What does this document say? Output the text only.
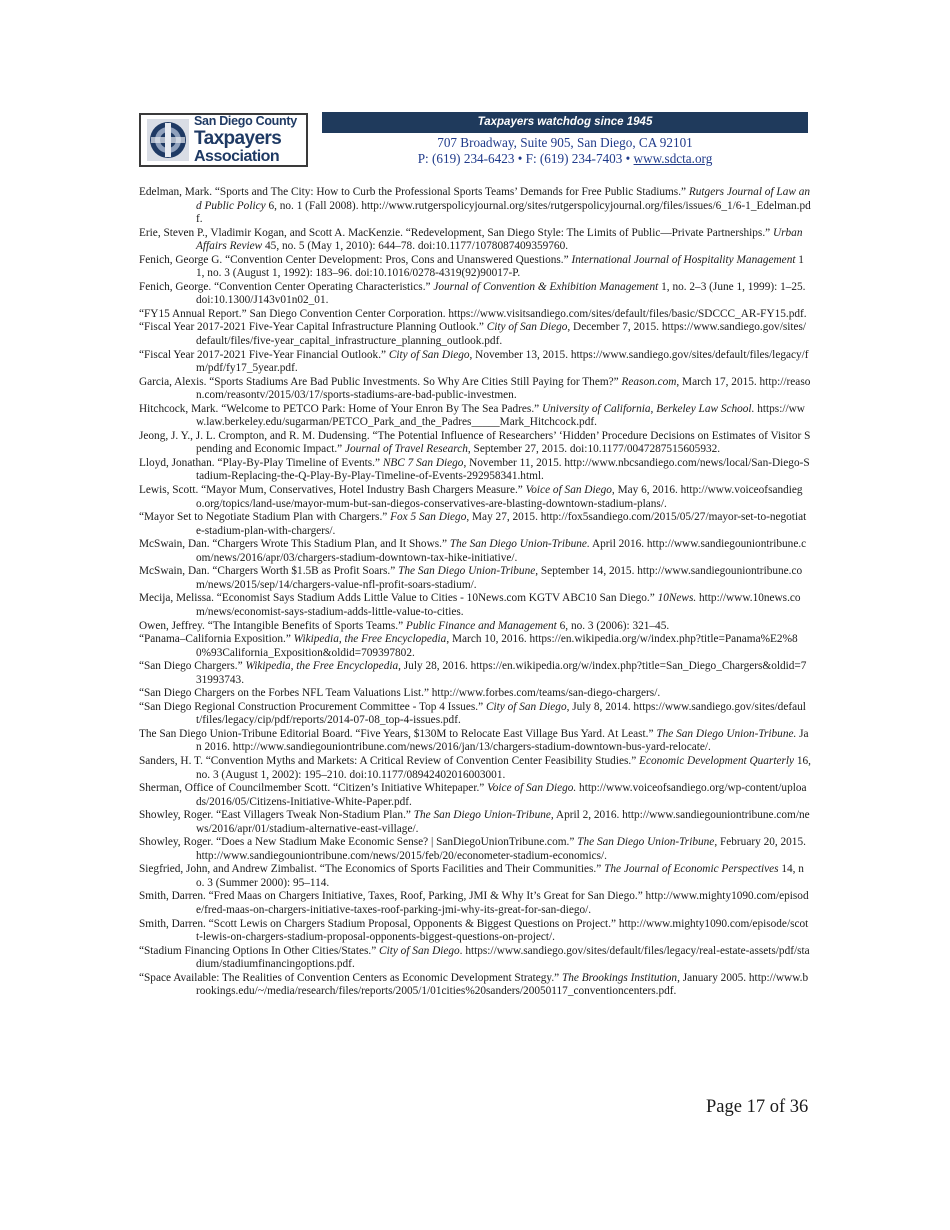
San Diego County
Taxpayers
Association
Taxpayers watchdog since 1945
707 Broadway, Suite 905, San Diego, CA 92101
P: (619) 234-6423 • F: (619) 234-7403 • www.sdcta.org
Edelman, Mark. “Sports and The City: How to Curb the Professional Sports Teams’ Demands for Free Public Stadiums.” Rutgers Journal of Law and Public Policy 6, no. 1 (Fall 2008). http://www.rutgerspolicyjournal.org/sites/rutgerspolicyjournal.org/files/issues/6_1/6-1_Edelman.pdf.
Erie, Steven P., Vladimir Kogan, and Scott A. MacKenzie. “Redevelopment, San Diego Style: The Limits of Public—Private Partnerships.” Urban Affairs Review 45, no. 5 (May 1, 2010): 644–78. doi:10.1177/1078087409359760.
Fenich, George G. “Convention Center Development: Pros, Cons and Unanswered Questions.” International Journal of Hospitality Management 11, no. 3 (August 1, 1992): 183–96. doi:10.1016/0278-4319(92)90017-P.
Fenich, George. “Convention Center Operating Characteristics.” Journal of Convention & Exhibition Management 1, no. 2–3 (June 1, 1999): 1–25. doi:10.1300/J143v01n02_01.
“FY15 Annual Report.” San Diego Convention Center Corporation. https://www.visitsandiego.com/sites/default/files/basic/SDCCC_AR-FY15.pdf.
“Fiscal Year 2017-2021 Five-Year Capital Infrastructure Planning Outlook.” City of San Diego, December 7, 2015. https://www.sandiego.gov/sites/default/files/five-year_capital_infrastructure_planning_outlook.pdf.
“Fiscal Year 2017-2021 Five-Year Financial Outlook.” City of San Diego, November 13, 2015. https://www.sandiego.gov/sites/default/files/legacy/fm/pdf/fy17_5year.pdf.
Garcia, Alexis. “Sports Stadiums Are Bad Public Investments. So Why Are Cities Still Paying for Them?” Reason.com, March 17, 2015. http://reason.com/reasontv/2015/03/17/sports-stadiums-are-bad-public-investmen.
Hitchcock, Mark. “Welcome to PETCO Park: Home of Your Enron By The Sea Padres.” University of California, Berkeley Law School. https://www.law.berkeley.edu/sugarman/PETCO_Park_and_the_Padres_____Mark_Hitchcock.pdf.
Jeong, J. Y., J. L. Crompton, and R. M. Dudensing. “The Potential Influence of Researchers’ ‘Hidden’ Procedure Decisions on Estimates of Visitor Spending and Economic Impact.” Journal of Travel Research, September 27, 2015. doi:10.1177/0047287515605932.
Lloyd, Jonathan. “Play-By-Play Timeline of Events.” NBC 7 San Diego, November 11, 2015. http://www.nbcsandiego.com/news/local/San-Diego-Stadium-Replacing-the-Q-Play-By-Play-Timeline-of-Events-292958341.html.
Lewis, Scott. “Mayor Mum, Conservatives, Hotel Industry Bash Chargers Measure.” Voice of San Diego, May 6, 2016. http://www.voiceofsandiego.org/topics/land-use/mayor-mum-but-san-diegos-conservatives-are-blasting-downtown-stadium-plans/.
“Mayor Set to Negotiate Stadium Plan with Chargers.” Fox 5 San Diego, May 27, 2015. http://fox5sandiego.com/2015/05/27/mayor-set-to-negotiate-stadium-plan-with-chargers/.
McSwain, Dan. “Chargers Wrote This Stadium Plan, and It Shows.” The San Diego Union-Tribune. April 2016. http://www.sandiegouniontribune.com/news/2016/apr/03/chargers-stadium-downtown-tax-hike-initiative/.
McSwain, Dan. “Chargers Worth $1.5B as Profit Soars.” The San Diego Union-Tribune, September 14, 2015. http://www.sandiegouniontribune.com/news/2015/sep/14/chargers-value-nfl-profit-soars-stadium/.
Mecija, Melissa. “Economist Says Stadium Adds Little Value to Cities - 10News.com KGTV ABC10 San Diego.” 10News. http://www.10news.com/news/economist-says-stadium-adds-little-value-to-cities.
Owen, Jeffrey. “The Intangible Benefits of Sports Teams.” Public Finance and Management 6, no. 3 (2006): 321–45.
“Panama–California Exposition.” Wikipedia, the Free Encyclopedia, March 10, 2016. https://en.wikipedia.org/w/index.php?title=Panama%E2%80%93California_Exposition&oldid=709397802.
“San Diego Chargers.” Wikipedia, the Free Encyclopedia, July 28, 2016. https://en.wikipedia.org/w/index.php?title=San_Diego_Chargers&oldid=731993743.
“San Diego Chargers on the Forbes NFL Team Valuations List.” http://www.forbes.com/teams/san-diego-chargers/.
“San Diego Regional Construction Procurement Committee - Top 4 Issues.” City of San Diego, July 8, 2014. https://www.sandiego.gov/sites/default/files/legacy/cip/pdf/reports/2014-07-08_top-4-issues.pdf.
The San Diego Union-Tribune Editorial Board. “Five Years, $130M to Relocate East Village Bus Yard. At Least.” The San Diego Union-Tribune. Jan 2016. http://www.sandiegouniontribune.com/news/2016/jan/13/chargers-stadium-downtown-bus-yard-relocate/.
Sanders, H. T. “Convention Myths and Markets: A Critical Review of Convention Center Feasibility Studies.” Economic Development Quarterly 16, no. 3 (August 1, 2002): 195–210. doi:10.1177/08942402016003001.
Sherman, Office of Councilmember Scott. “Citizen’s Initiative Whitepaper.” Voice of San Diego. http://www.voiceofsandiego.org/wp-content/uploads/2016/05/Citizens-Initiative-White-Paper.pdf.
Showley, Roger. “East Villagers Tweak Non-Stadium Plan.” The San Diego Union-Tribune, April 2, 2016. http://www.sandiegouniontribune.com/news/2016/apr/01/stadium-alternative-east-village/.
Showley, Roger. “Does a New Stadium Make Economic Sense? | SanDiegoUnionTribune.com.” The San Diego Union-Tribune, February 20, 2015. http://www.sandiegouniontribune.com/news/2015/feb/20/econometer-stadium-economics/.
Siegfried, John, and Andrew Zimbalist. “The Economics of Sports Facilities and Their Communities.” The Journal of Economic Perspectives 14, no. 3 (Summer 2000): 95–114.
Smith, Darren. “Fred Maas on Chargers Initiative, Taxes, Roof, Parking, JMI & Why It’s Great for San Diego.” http://www.mighty1090.com/episode/fred-maas-on-chargers-initiative-taxes-roof-parking-jmi-why-its-great-for-san-diego/.
Smith, Darren. “Scott Lewis on Chargers Stadium Proposal, Opponents & Biggest Questions on Project.” http://www.mighty1090.com/episode/scott-lewis-on-chargers-stadium-proposal-opponents-biggest-questions-on-project/.
“Stadium Financing Options In Other Cities/States.” City of San Diego. https://www.sandiego.gov/sites/default/files/legacy/real-estate-assets/pdf/stadium/stadiumfinancingoptions.pdf.
“Space Available: The Realities of Convention Centers as Economic Development Strategy.” The Brookings Institution, January 2005. http://www.brookings.edu/~/media/research/files/reports/2005/1/01cities%20sanders/20050117_conventioncenters.pdf.
Page 17 of 36
